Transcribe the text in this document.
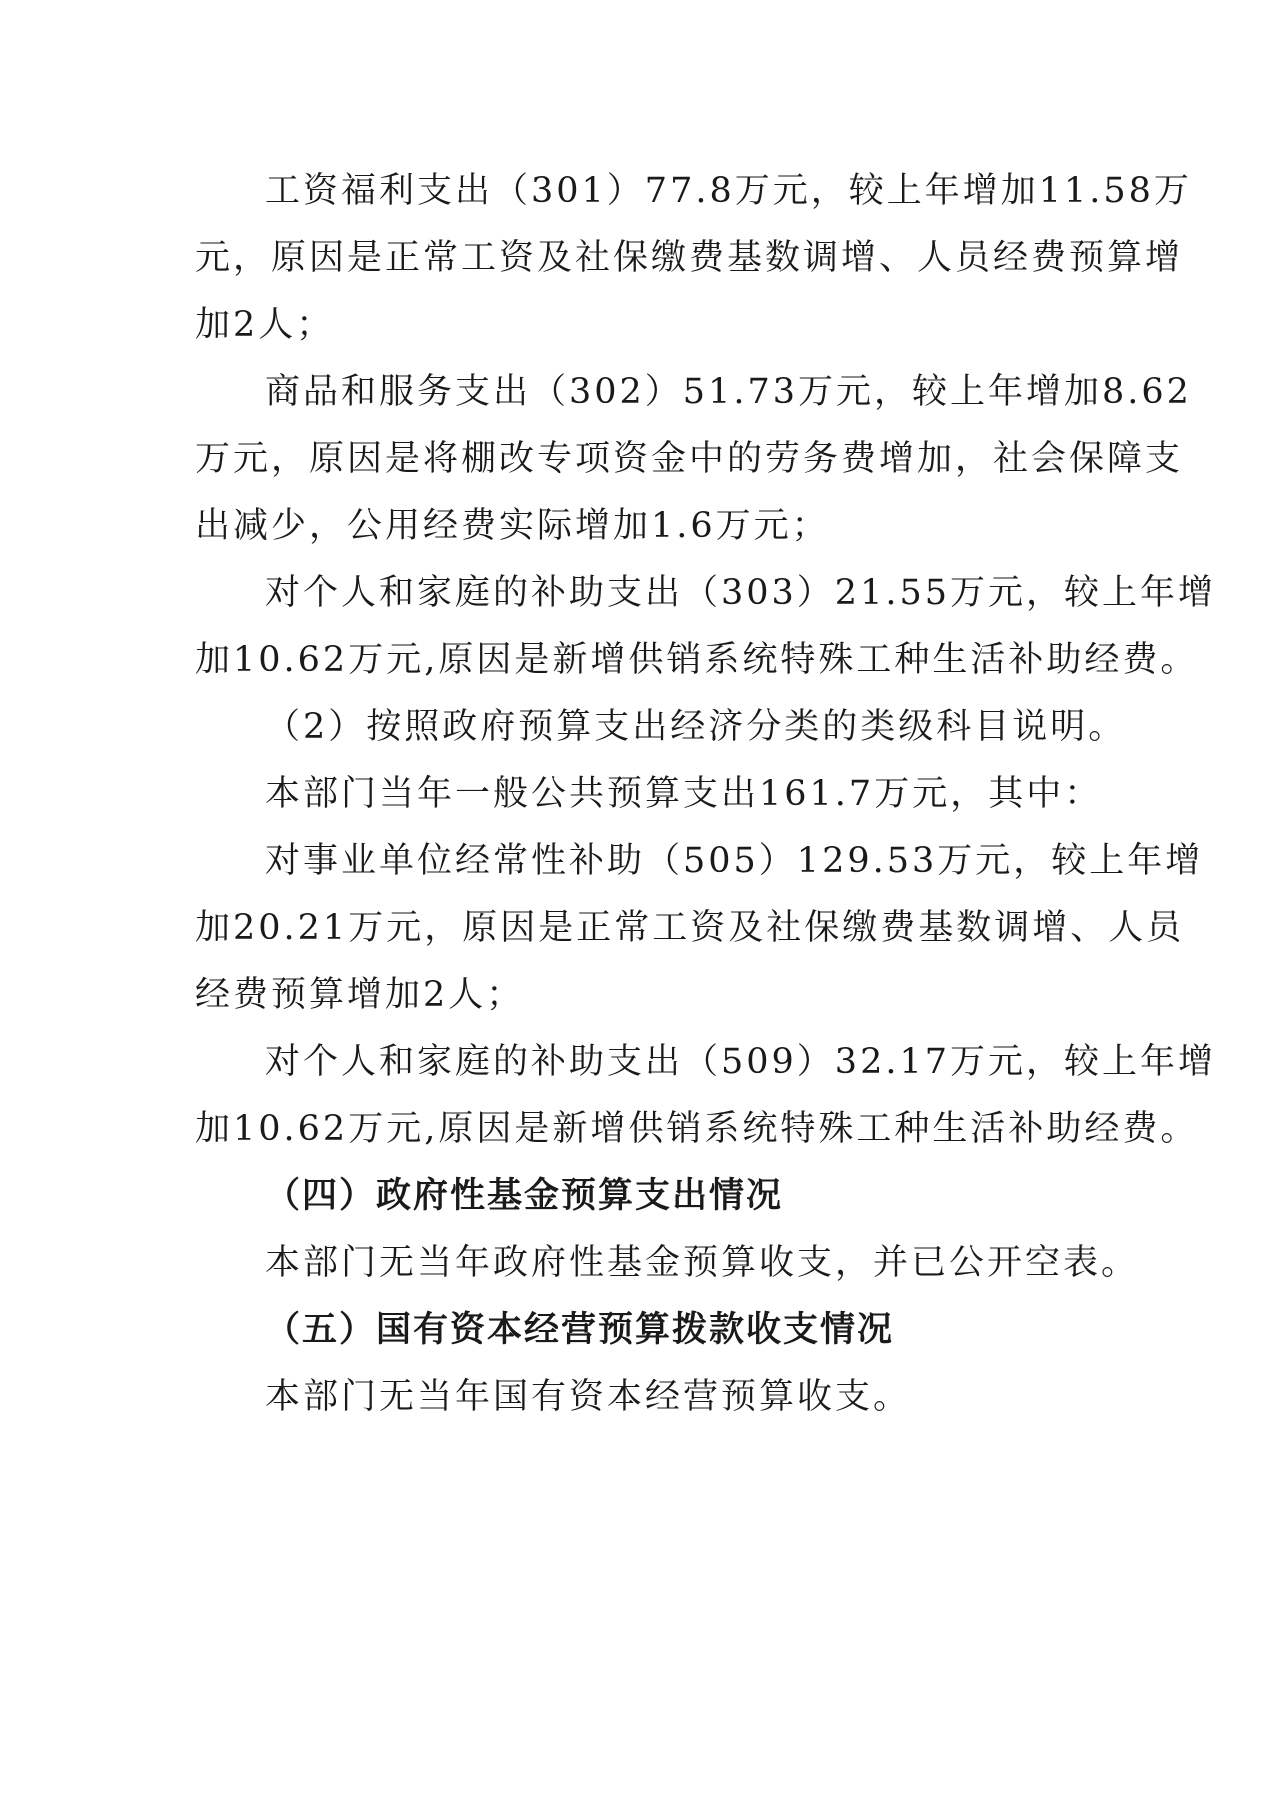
工资福利支出（301）77.8万元，较上年增加11.58万
元，原因是正常工资及社保缴费基数调增、人员经费预算增
加2人；
商品和服务支出（302）51.73万元，较上年增加8.62
万元，原因是将棚改专项资金中的劳务费增加，社会保障支
出减少，公用经费实际增加1.6万元；
对个人和家庭的补助支出（303）21.55万元，较上年增
加10.62万元,原因是新增供销系统特殊工种生活补助经费。
（2）按照政府预算支出经济分类的类级科目说明。
本部门当年一般公共预算支出161.7万元，其中：
对事业单位经常性补助（505）129.53万元，较上年增
加20.21万元，原因是正常工资及社保缴费基数调增、人员
经费预算增加2人；
对个人和家庭的补助支出（509）32.17万元，较上年增
加10.62万元,原因是新增供销系统特殊工种生活补助经费。
（四）政府性基金预算支出情况
本部门无当年政府性基金预算收支，并已公开空表。
（五）国有资本经营预算拨款收支情况
本部门无当年国有资本经营预算收支。
